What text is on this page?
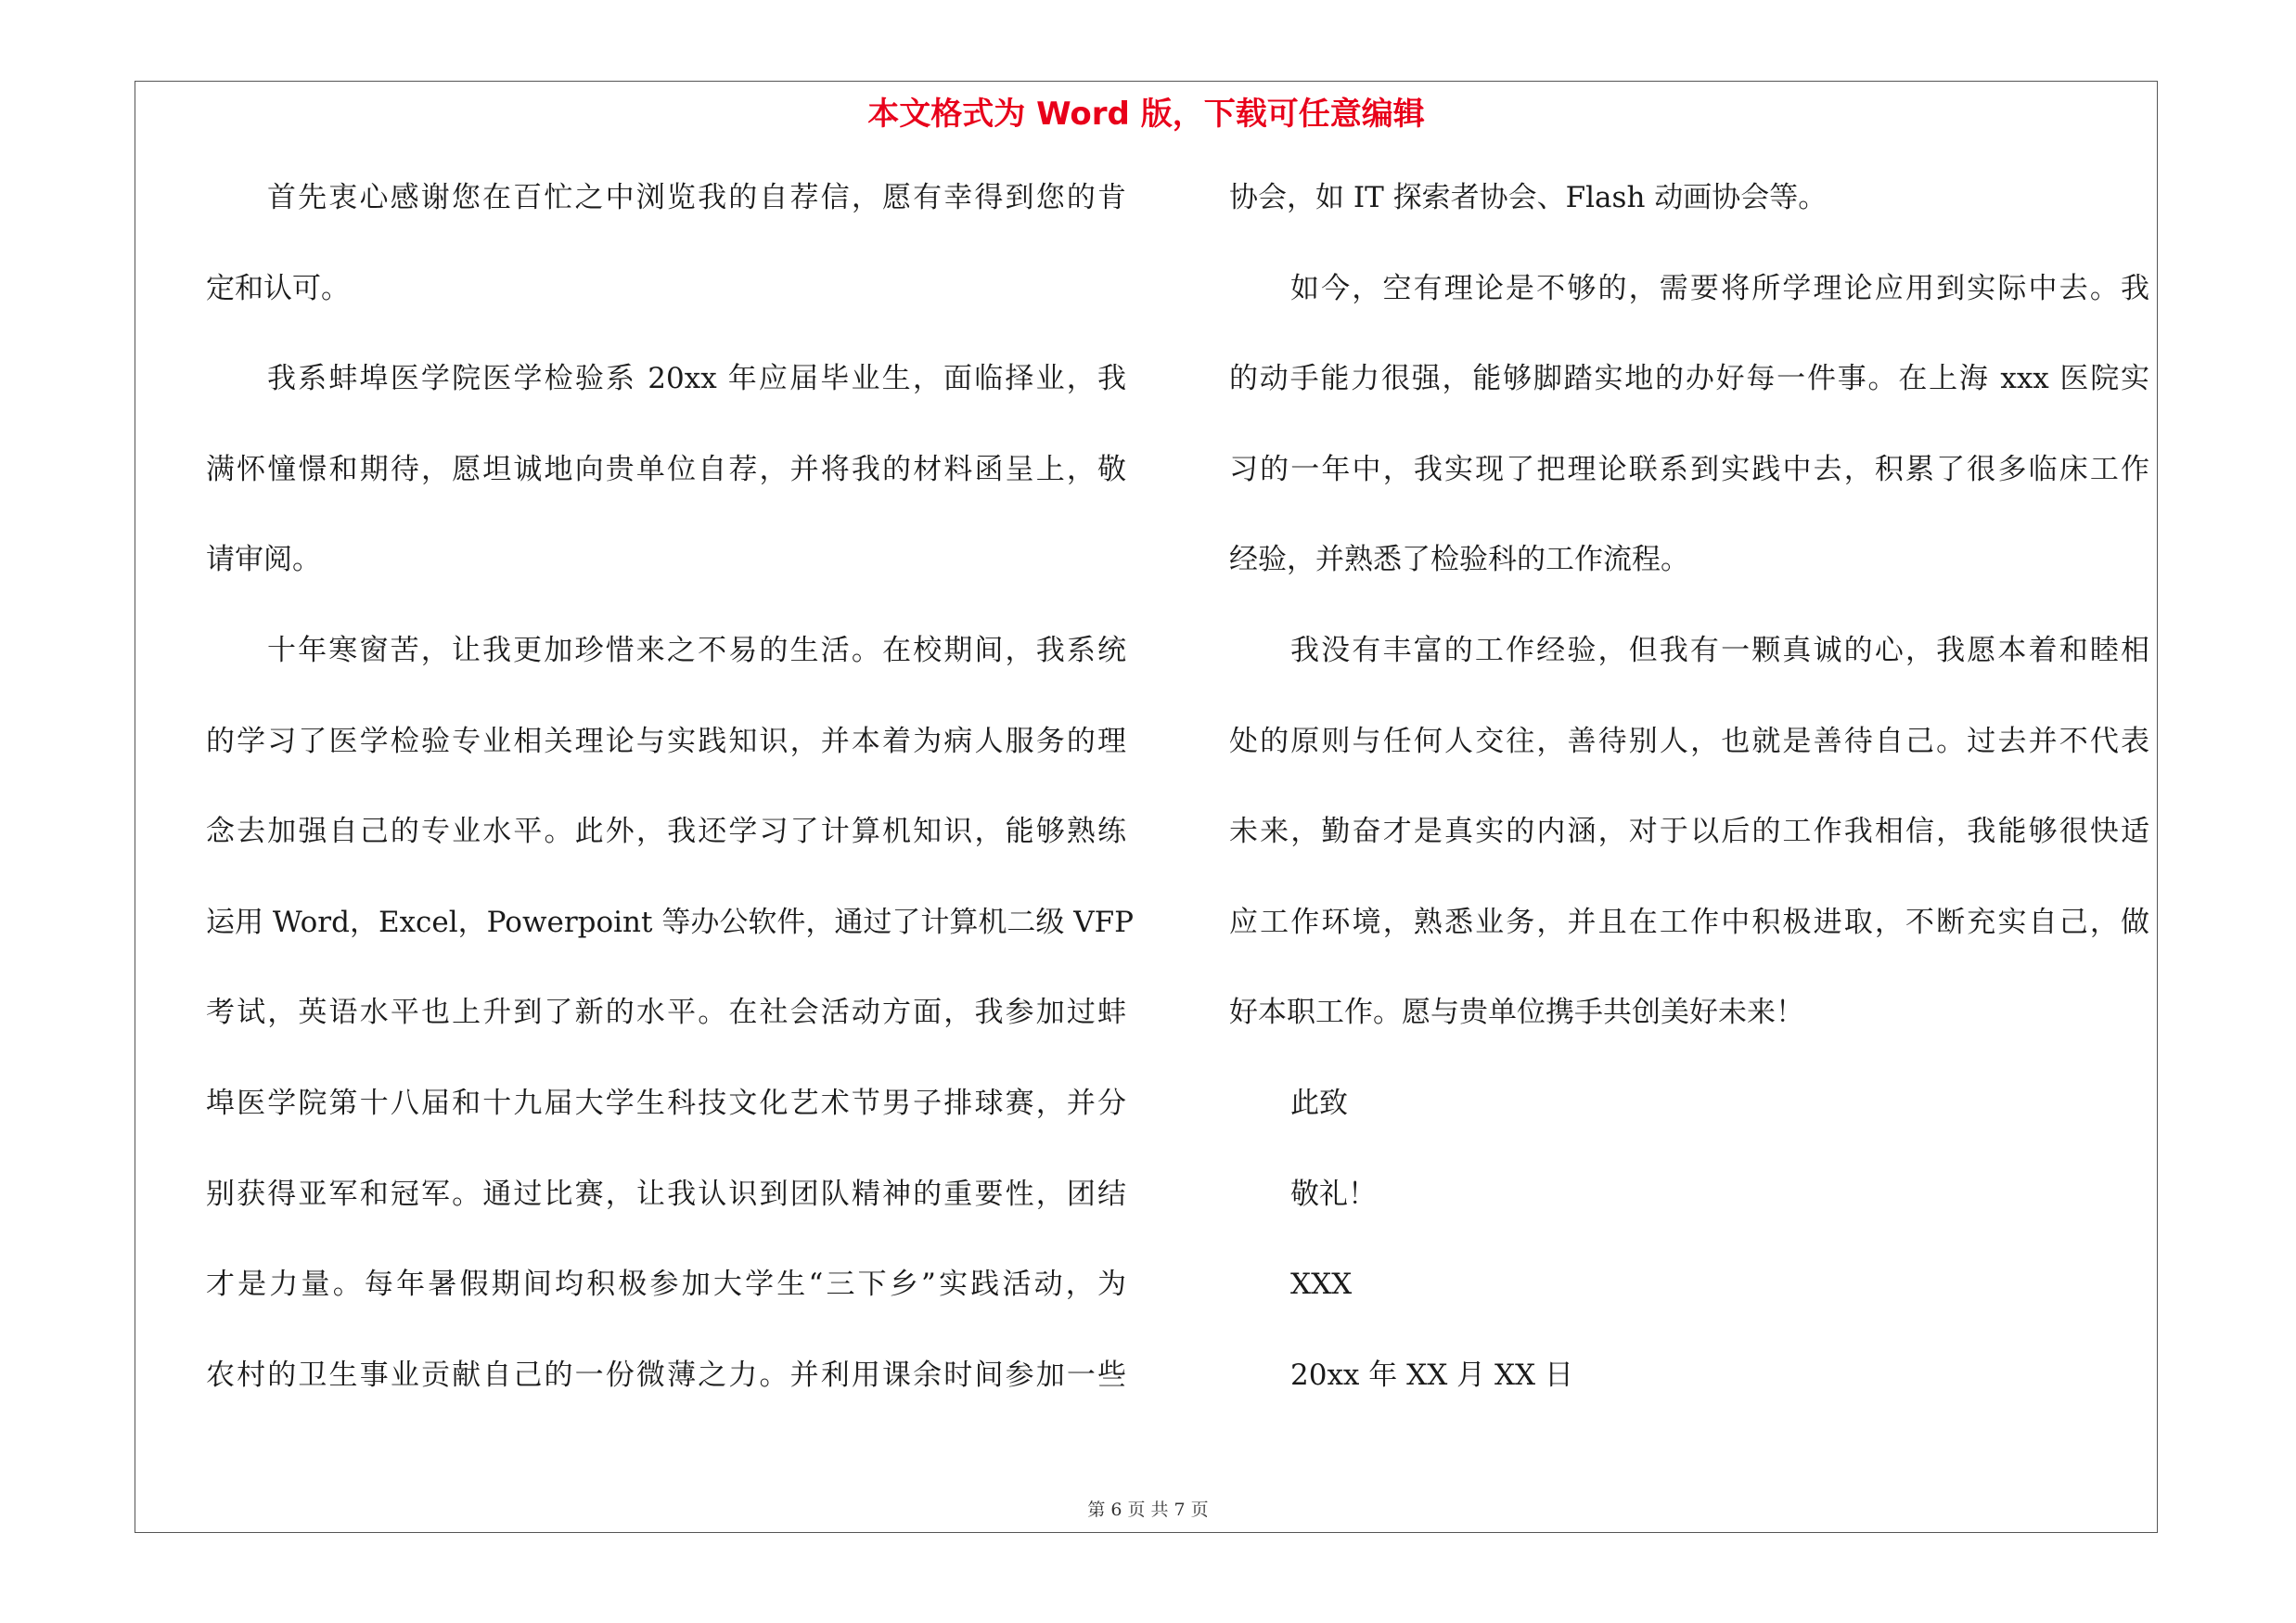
本文格式为 Word 版，下载可任意编辑
首先衷心感谢您在百忙之中浏览我的自荐信，愿有幸得到您的肯
定和认可。
我系蚌埠医学院医学检验系 20xx 年应届毕业生，面临择业，我
满怀憧憬和期待，愿坦诚地向贵单位自荐，并将我的材料函呈上，敬
请审阅。
十年寒窗苦，让我更加珍惜来之不易的生活。在校期间，我系统
的学习了医学检验专业相关理论与实践知识，并本着为病人服务的理
念去加强自己的专业水平。此外，我还学习了计算机知识，能够熟练
运用 Word，Excel，Powerpoint 等办公软件，通过了计算机二级 VFP
考试，英语水平也上升到了新的水平。在社会活动方面，我参加过蚌
埠医学院第十八届和十九届大学生科技文化艺术节男子排球赛，并分
别获得亚军和冠军。通过比赛，让我认识到团队精神的重要性，团结
才是力量。每年暑假期间均积极参加大学生“三下乡”实践活动，为
农村的卫生事业贡献自己的一份微薄之力。并利用课余时间参加一些
协会，如 IT 探索者协会、Flash 动画协会等。
如今，空有理论是不够的，需要将所学理论应用到实际中去。我
的动手能力很强，能够脚踏实地的办好每一件事。在上海 xxx 医院实
习的一年中，我实现了把理论联系到实践中去，积累了很多临床工作
经验，并熟悉了检验科的工作流程。
我没有丰富的工作经验，但我有一颗真诚的心，我愿本着和睦相
处的原则与任何人交往，善待别人，也就是善待自己。过去并不代表
未来，勤奋才是真实的内涵，对于以后的工作我相信，我能够很快适
应工作环境，熟悉业务，并且在工作中积极进取，不断充实自己，做
好本职工作。愿与贵单位携手共创美好未来！
此致
敬礼！
XXX
20xx 年 XX 月 XX 日
第 6 页 共 7 页
